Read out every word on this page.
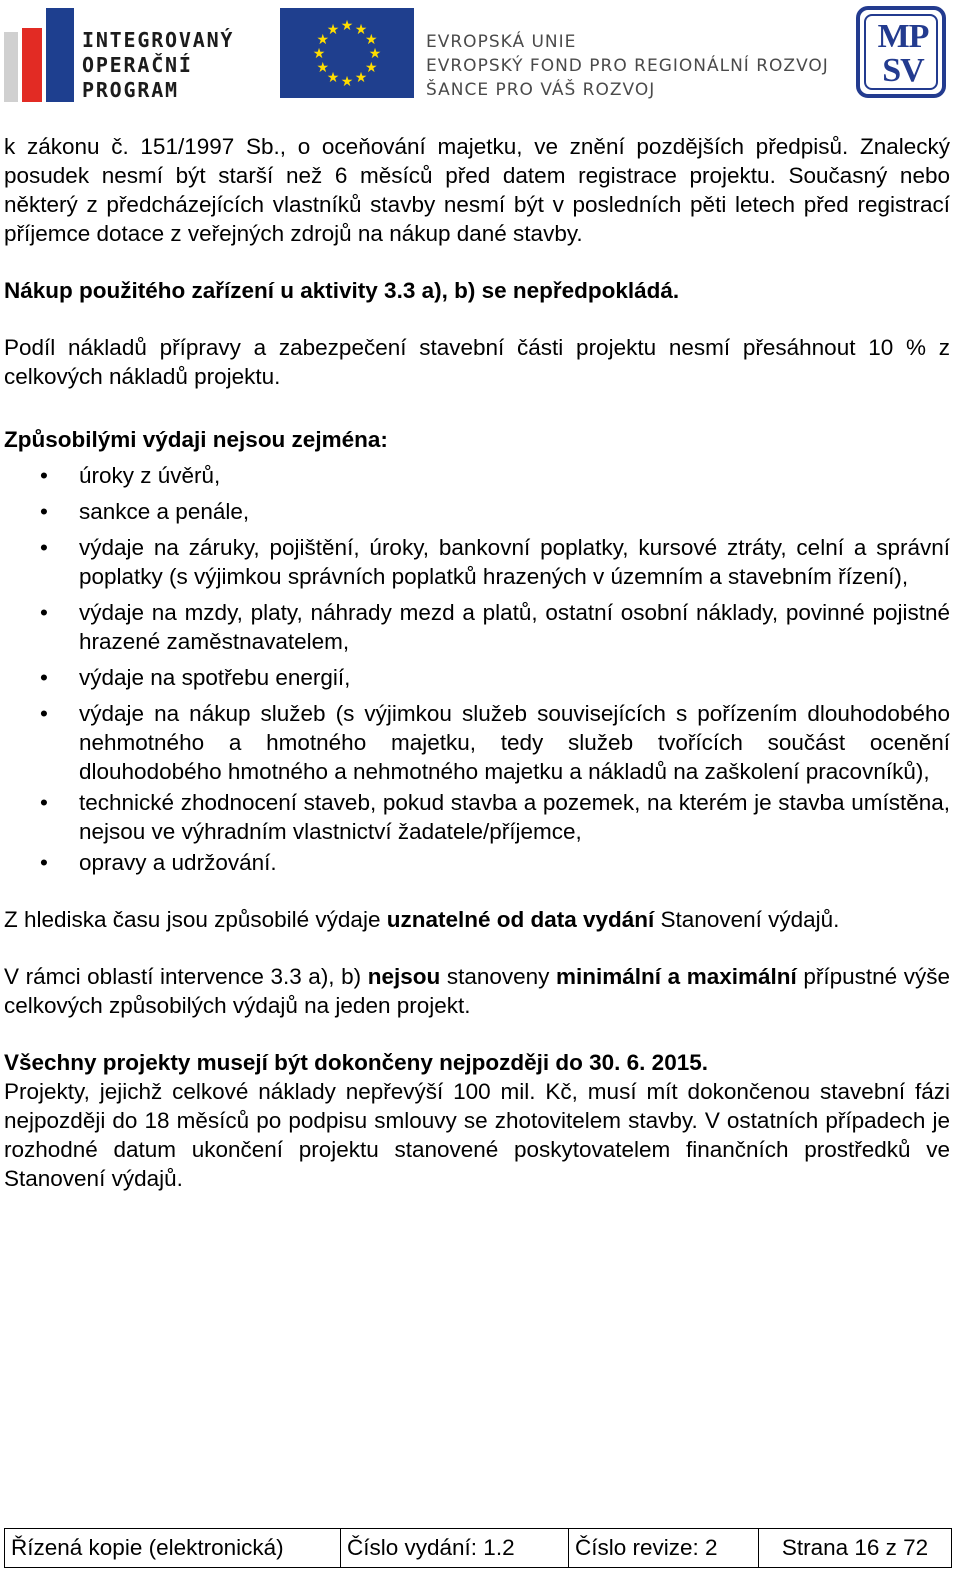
INTEGROVANÝ
OPERAČNÍ
PROGRAM
★ ★
★
★
★
★
★
★
★
★
★
★
EVROPSKÁ UNIE
EVROPSKÝ FOND PRO REGIONÁLNÍ ROZVOJ
ŠANCE PRO VÁŠ ROZVOJ
MP
SV

k zákonu č. 151/1997 Sb., o oceňování majetku, ve znění pozdějších předpisů. Znalecký posudek nesmí být starší než 6 měsíců před datem registrace projektu. Současný nebo některý z předcházejících vlastníků stavby nesmí být v posledních pěti letech před registrací příjemce dotace z veřejných zdrojů na nákup dané stavby.

Nákup použitého zařízení u aktivity 3.3 a), b) se nepředpokládá.

Podíl nákladů přípravy a zabezpečení stavební části projektu nesmí přesáhnout 10 % z celkových nákladů projektu.

Způsobilými výdaji nejsou zejména:

• úroky z úvěrů,
• sankce a penále,
• výdaje na záruky, pojištění, úroky, bankovní poplatky, kursové ztráty, celní a správní poplatky (s výjimkou správních poplatků hrazených v územním a stavebním řízení),
• výdaje na mzdy, platy, náhrady mezd a platů, ostatní osobní náklady, povinné pojistné hrazené zaměstnavatelem,
• výdaje na spotřebu energií,
• výdaje na nákup služeb (s výjimkou služeb souvisejících s pořízením dlouhodobého nehmotného a hmotného majetku, tedy služeb tvořících součást ocenění dlouhodobého hmotného a nehmotného majetku a nákladů na zaškolení pracovníků),
• technické zhodnocení staveb, pokud stavba a pozemek, na kterém je stavba umístěna, nejsou ve výhradním vlastnictví žadatele/příjemce,
• opravy a udržování.

Z hlediska času jsou způsobilé výdaje uznatelné od data vydání Stanovení výdajů.

V rámci oblastí intervence 3.3 a), b) nejsou stanoveny minimální a maximální přípustné výše celkových způsobilých výdajů na jeden projekt.

Všechny projekty musejí být dokončeny nejpozději do 30. 6. 2015.

Projekty, jejichž celkové náklady nepřevýší 100 mil. Kč, musí mít dokončenou stavební fázi nejpozději do 18 měsíců po podpisu smlouvy se zhotovitelem stavby. V ostatních případech je rozhodné datum ukončení projektu stanovené poskytovatelem finančních prostředků ve Stanovení výdajů.

Řízená kopie (elektronická)	Číslo vydání: 1.2	Číslo revize: 2	Strana 16 z 72
